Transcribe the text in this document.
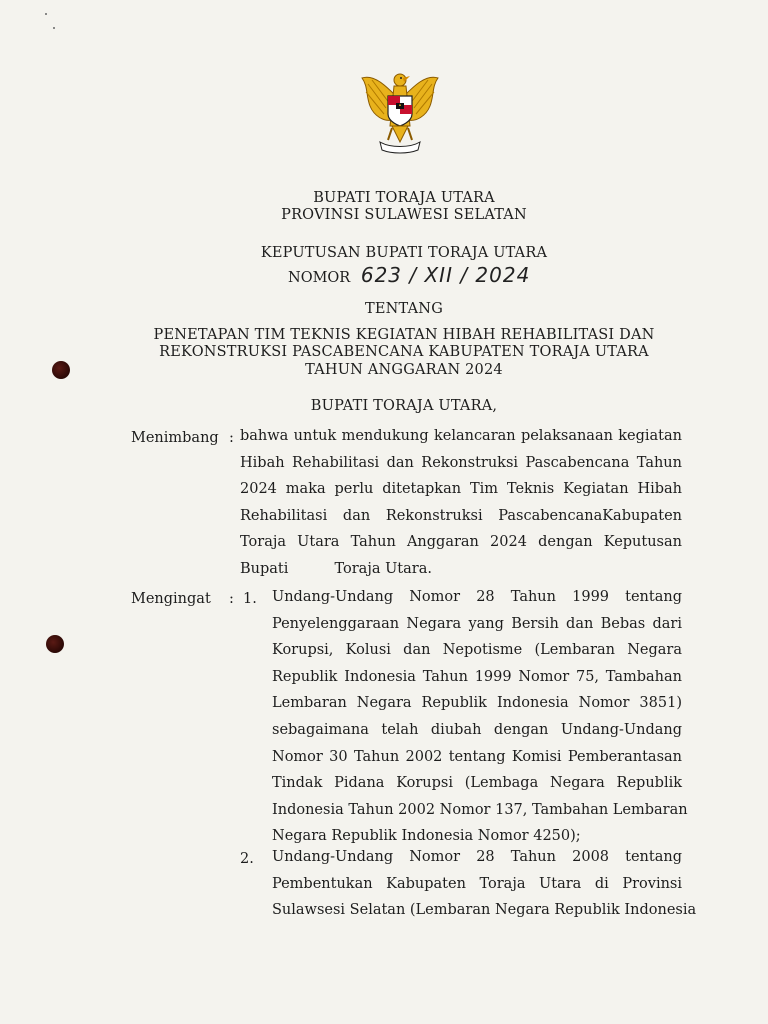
BUPATI TORAJA UTARA
PROVINSI SULAWESI SELATAN
KEPUTUSAN BUPATI TORAJA UTARA
NOMOR 623 / XII / 2024
TENTANG
PENETAPAN TIM TEKNIS KEGIATAN HIBAH REHABILITASI DAN
REKONSTRUKSI PASCABENCANA KABUPATEN TORAJA UTARA
TAHUN ANGGARAN 2024
BUPATI TORAJA UTARA,
Menimbang : bahwa untuk mendukung kelancaran pelaksanaan kegiatan
Hibah Rehabilitasi dan Rekonstruksi Pascabencana Tahun
2024 maka perlu ditetapkan Tim Teknis Kegiatan Hibah
Rehabilitasi dan Rekonstruksi PascabencanaKabupaten
Toraja Utara Tahun Anggaran 2024 dengan Keputusan
Bupati          Toraja Utara.
Mengingat : 1. Undang-Undang Nomor 28 Tahun 1999 tentang
Penyelenggaraan Negara yang Bersih dan Bebas dari
Korupsi, Kolusi dan Nepotisme (Lembaran Negara
Republik Indonesia Tahun 1999 Nomor 75, Tambahan
Lembaran Negara Republik Indonesia Nomor 3851)
sebagaimana telah diubah dengan Undang-Undang
Nomor 30 Tahun 2002 tentang Komisi Pemberantasan
Tindak Pidana Korupsi (Lembaga Negara Republik
Indonesia Tahun 2002 Nomor 137, Tambahan Lembaran
Negara Republik Indonesia Nomor 4250);
2. Undang-Undang Nomor 28 Tahun 2008 tentang
Pembentukan Kabupaten Toraja Utara di Provinsi
Sulawsesi Selatan (Lembaran Negara Republik Indonesia
